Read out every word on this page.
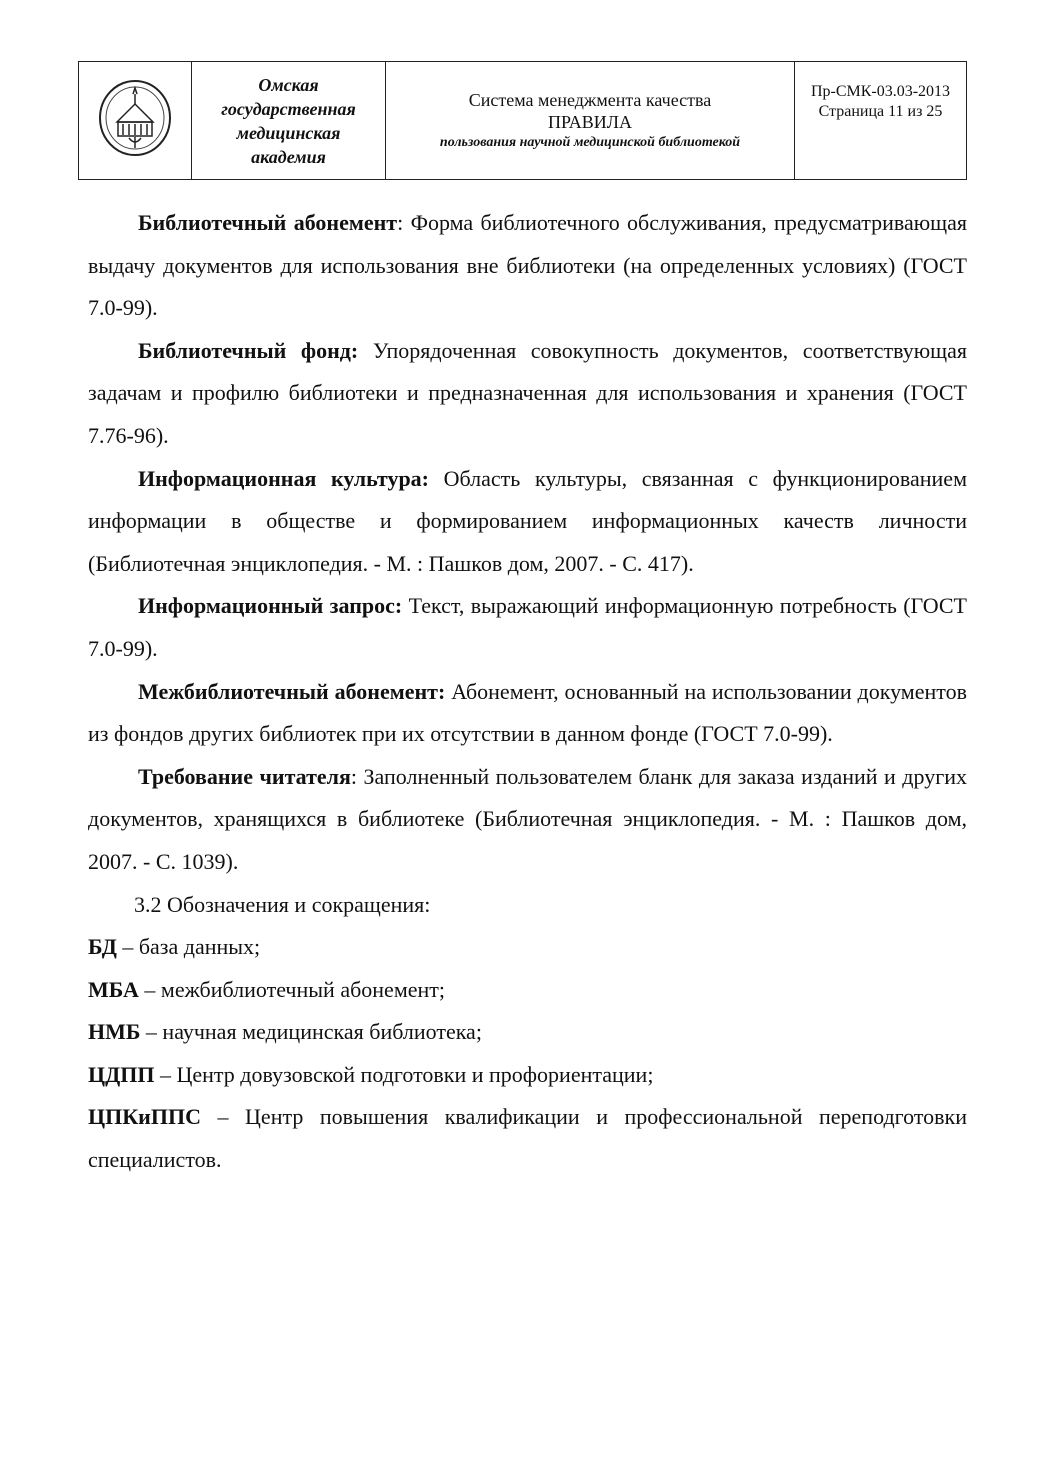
Омская
государственная
медицинская
академия

Система менеджмента качества
ПРАВИЛА
пользования научной медицинской библиотекой

Пр-СМК-03.03-2013
Страница 11 из 25

Библиотечный абонемент: Форма библиотечного обслуживания, предусматривающая выдачу документов для использования вне библиотеки (на определенных условиях) (ГОСТ 7.0-99).

Библиотечный фонд: Упорядоченная совокупность документов, соответствующая задачам и профилю библиотеки и предназначенная для использования и хранения (ГОСТ 7.76-96).

Информационная культура: Область культуры, связанная с функционированием информации в обществе и формированием информационных качеств личности (Библиотечная энциклопедия. - М. : Пашков дом, 2007. - С. 417).

Информационный запрос: Текст, выражающий информационную потребность (ГОСТ 7.0-99).

Межбиблиотечный абонемент: Абонемент, основанный на использовании документов из фондов других библиотек при их отсутствии в данном фонде (ГОСТ 7.0-99).

Требование читателя: Заполненный пользователем бланк для заказа изданий и других документов, хранящихся в библиотеке (Библиотечная энциклопедия. - М. : Пашков дом, 2007. - С. 1039).

3.2 Обозначения и сокращения:

БД – база данных;

МБА – межбиблиотечный абонемент;

НМБ – научная медицинская библиотека;

ЦДПП – Центр довузовской подготовки и профориентации;

ЦПКиППС – Центр повышения квалификации и профессиональной переподготовки специалистов.
